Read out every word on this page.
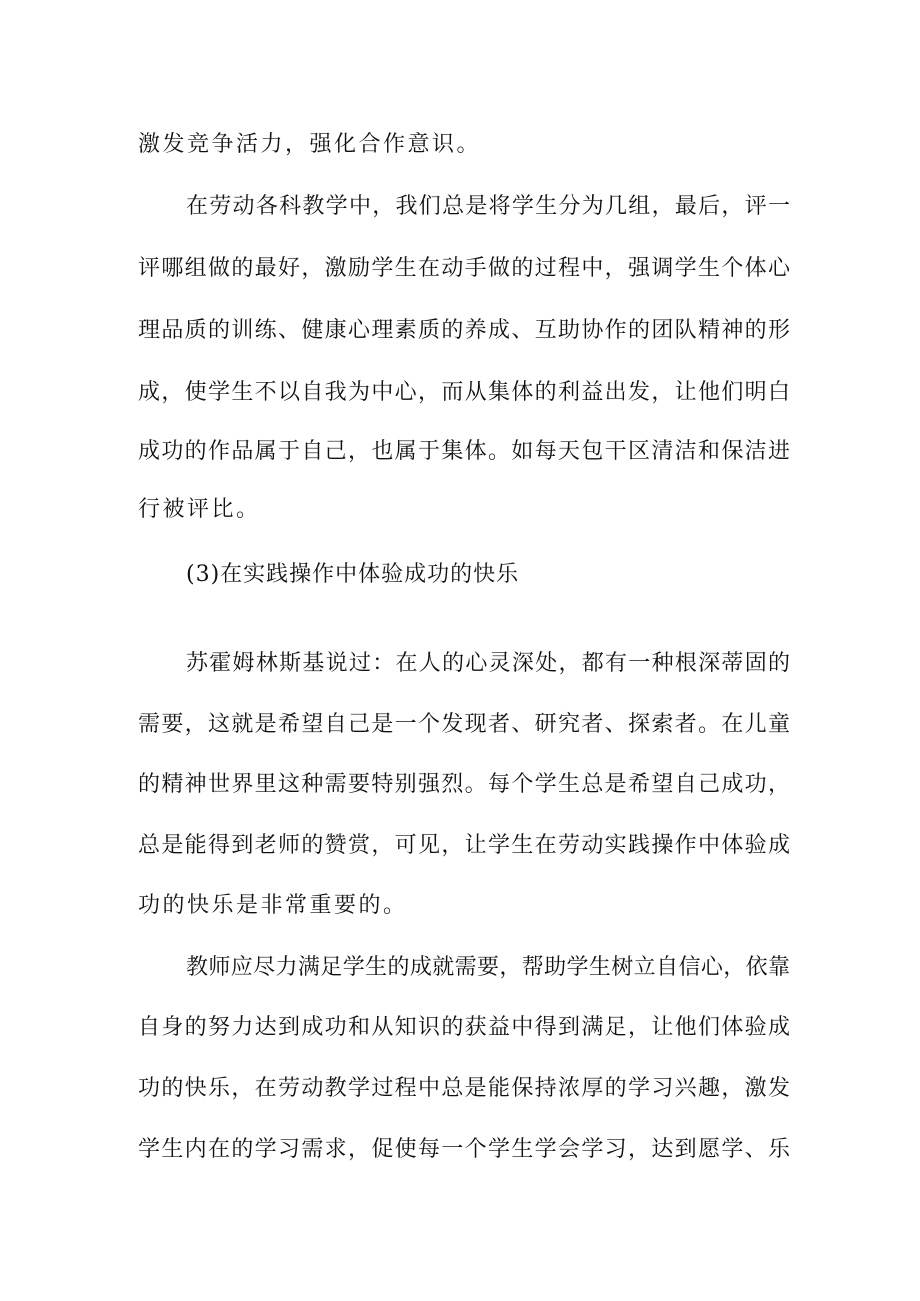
激发竞争活力，强化合作意识。
在劳动各科教学中，我们总是将学生分为几组，最后，评一
评哪组做的最好，激励学生在动手做的过程中，强调学生个体心
理品质的训练、健康心理素质的养成、互助协作的团队精神的形
成，使学生不以自我为中心，而从集体的利益出发，让他们明白
成功的作品属于自己，也属于集体。如每天包干区清洁和保洁进
行被评比。
(3)在实践操作中体验成功的快乐
苏霍姆林斯基说过：在人的心灵深处，都有一种根深蒂固的
需要，这就是希望自己是一个发现者、研究者、探索者。在儿童
的精神世界里这种需要特别强烈。每个学生总是希望自己成功，
总是能得到老师的赞赏，可见，让学生在劳动实践操作中体验成
功的快乐是非常重要的。
教师应尽力满足学生的成就需要，帮助学生树立自信心，依靠
自身的努力达到成功和从知识的获益中得到满足，让他们体验成
功的快乐，在劳动教学过程中总是能保持浓厚的学习兴趣，激发
学生内在的学习需求，促使每一个学生学会学习，达到愿学、乐
